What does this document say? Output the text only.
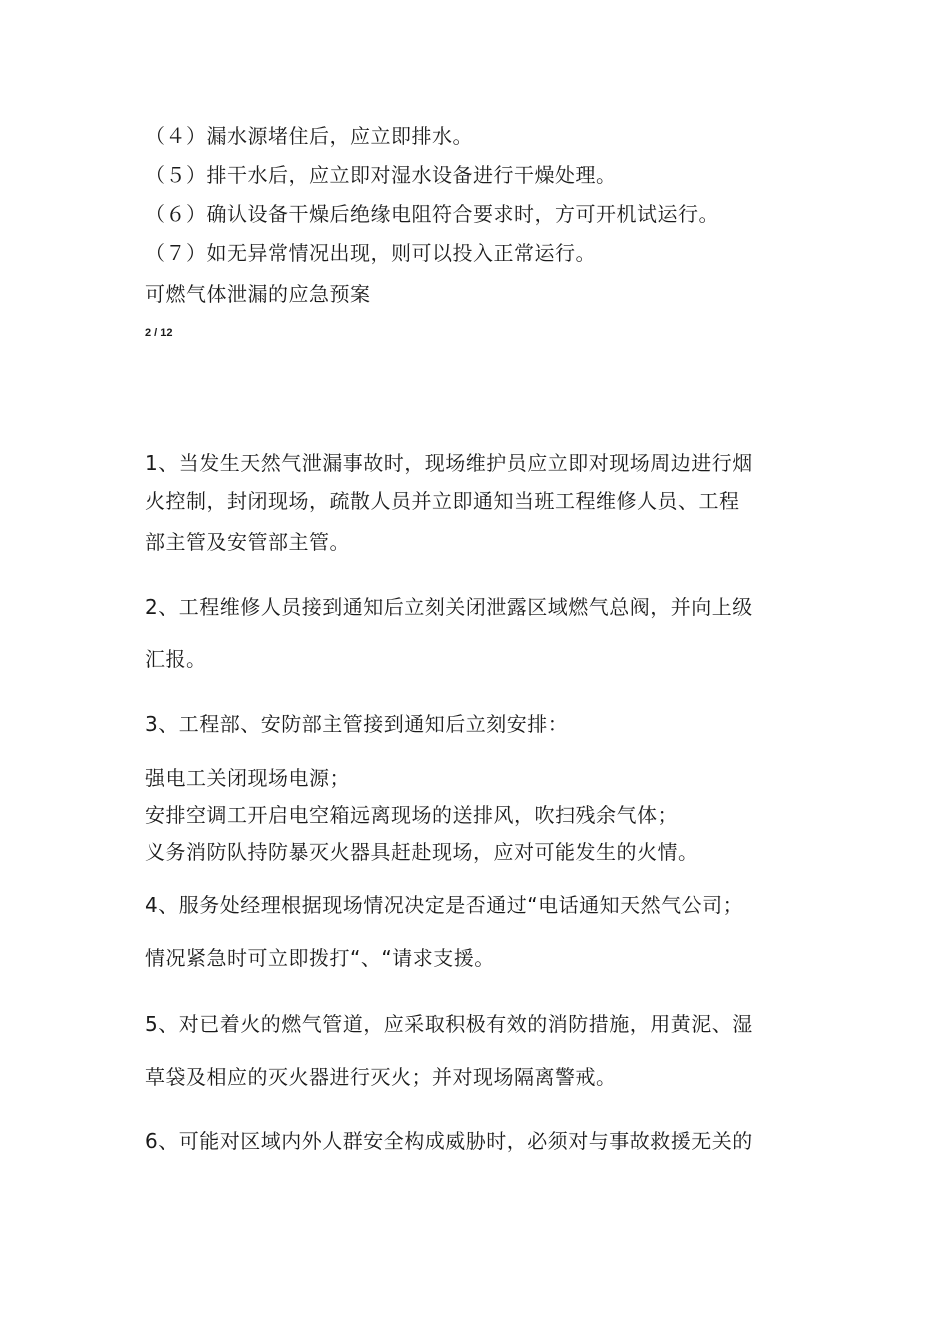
（４）漏水源堵住后，应立即排水。
（５）排干水后，应立即对湿水设备进行干燥处理。
（６）确认设备干燥后绝缘电阻符合要求时，方可开机试运行。
（７）如无异常情况出现，则可以投入正常运行。
可燃气体泄漏的应急预案
2 / 12
1、当发生天然气泄漏事故时，现场维护员应立即对现场周边进行烟
火控制，封闭现场，疏散人员并立即通知当班工程维修人员、工程
部主管及安管部主管。
2、工程维修人员接到通知后立刻关闭泄露区域燃气总阀，并向上级
汇报。
3、工程部、安防部主管接到通知后立刻安排：
强电工关闭现场电源；
安排空调工开启电空箱远离现场的送排风，吹扫残余气体；
义务消防队持防暴灭火器具赶赴现场，应对可能发生的火情。
4、服务处经理根据现场情况决定是否通过“电话通知天然气公司；
情况紧急时可立即拨打“、“请求支援。
5、对已着火的燃气管道，应采取积极有效的消防措施，用黄泥、湿
草袋及相应的灭火器进行灭火；并对现场隔离警戒。
6、可能对区域内外人群安全构成威胁时，必须对与事故救援无关的
